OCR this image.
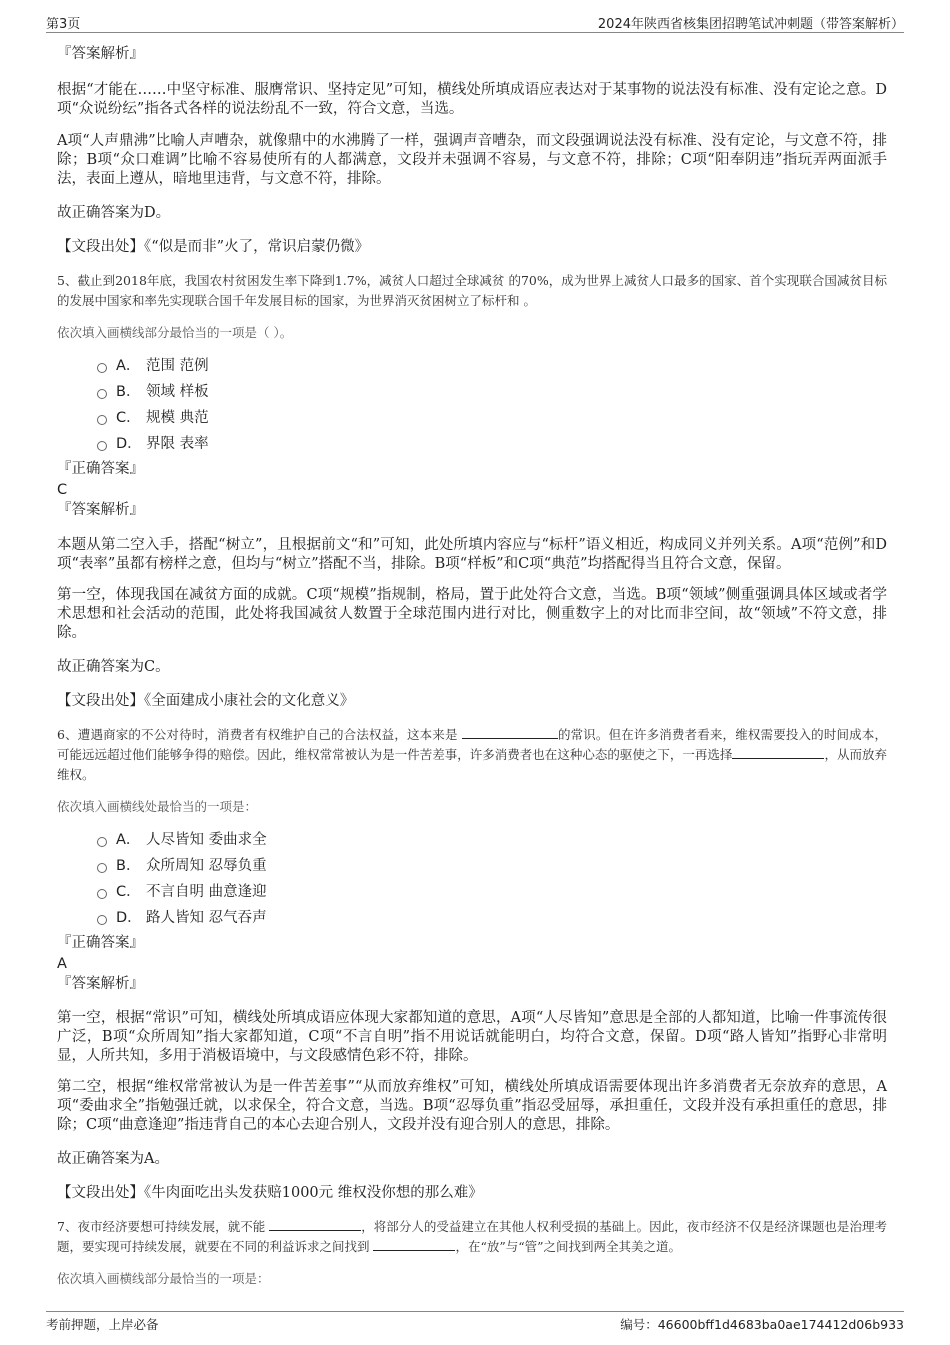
第3页	2024年陕西省核集团招聘笔试冲刺题（带答案解析）

『答案解析』

根据“才能在……中坚守标准、服膺常识、坚持定见”可知，横线处所填成语应表达对于某事物的说法没有标准、没有定论之意。D项“众说纷纭”指各式各样的说法纷乱不一致，符合文意，当选。

A项“人声鼎沸”比喻人声嘈杂，就像鼎中的水沸腾了一样，强调声音嘈杂，而文段强调说法没有标准、没有定论，与文意不符，排除；B项“众口难调”比喻不容易使所有的人都满意，文段并未强调不容易，与文意不符，排除；C项“阳奉阴违”指玩弄两面派手法，表面上遵从，暗地里违背，与文意不符，排除。

故正确答案为D。

【文段出处】《“似是而非”火了，常识启蒙仍微》

5、截止到2018年底，我国农村贫困发生率下降到1.7%，减贫人口超过全球减贫 的70%，成为世界上减贫人口最多的国家、首个实现联合国减贫目标的发展中国家和率先实现联合国千年发展目标的国家，为世界消灭贫困树立了标杆和 。

依次填入画横线部分最恰当的一项是（ ）。

A． 范围 范例
B． 领域 样板
C． 规模 典范
D． 界限 表率

『正确答案』

C

『答案解析』

本题从第二空入手，搭配“树立”，且根据前文“和”可知，此处所填内容应与“标杆”语义相近，构成同义并列关系。A项“范例”和D项“表率”虽都有榜样之意，但均与“树立”搭配不当，排除。B项“样板”和C项“典范”均搭配得当且符合文意，保留。

第一空，体现我国在减贫方面的成就。C项“规模”指规制，格局，置于此处符合文意，当选。B项“领域”侧重强调具体区域或者学术思想和社会活动的范围，此处将我国减贫人数置于全球范围内进行对比，侧重数字上的对比而非空间，故“领域”不符文意，排除。

故正确答案为C。

【文段出处】《全面建成小康社会的文化意义》

6、遭遇商家的不公对待时，消费者有权维护自己的合法权益，这本来是	的常识。但在许多消费者看来，维权需要投入的时间成本，可能远远超过他们能够争得的赔偿。因此，维权常常被认为是一件苦差事，许多消费者也在这种心态的驱使之下，一再选择	，从而放弃维权。

依次填入画横线处最恰当的一项是：

A． 人尽皆知 委曲求全
B． 众所周知 忍辱负重
C． 不言自明 曲意逢迎
D． 路人皆知 忍气吞声

『正确答案』

A

『答案解析』

第一空，根据“常识”可知，横线处所填成语应体现大家都知道的意思，A项“人尽皆知”意思是全部的人都知道，比喻一件事流传很广泛，B项“众所周知”指大家都知道，C项“不言自明”指不用说话就能明白，均符合文意，保留。D项“路人皆知”指野心非常明显，人所共知，多用于消极语境中，与文段感情色彩不符，排除。

第二空，根据“维权常常被认为是一件苦差事”“从而放弃维权”可知，横线处所填成语需要体现出许多消费者无奈放弃的意思，A项“委曲求全”指勉强迁就，以求保全，符合文意，当选。B项“忍辱负重”指忍受屈辱，承担重任，文段并没有承担重任的意思，排除；C项“曲意逢迎”指违背自己的本心去迎合别人，文段并没有迎合别人的意思，排除。

故正确答案为A。

【文段出处】《牛肉面吃出头发获赔1000元 维权没你想的那么难》

7、夜市经济要想可持续发展，就不能	，将部分人的受益建立在其他人权利受损的基础上。因此，夜市经济不仅是经济课题也是治理考题，要实现可持续发展，就要在不同的利益诉求之间找到	，在“放”与“管”之间找到两全其美之道。

依次填入画横线部分最恰当的一项是：

考前押题，上岸必备	编号：46600bff1d4683ba0ae174412d06b933
